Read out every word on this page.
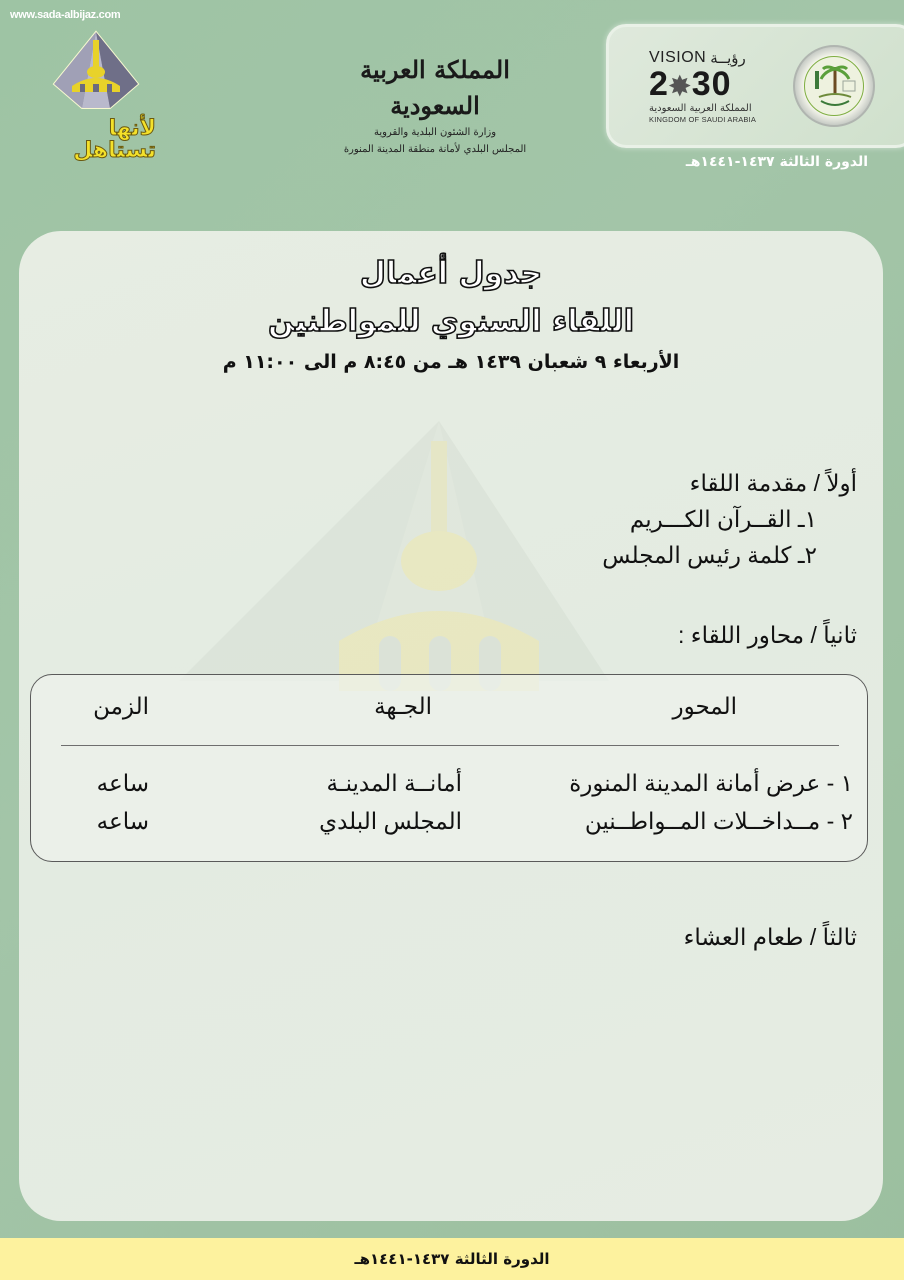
www.sada-albijaz.com
لأنها
تستاهل
المملكة العربية السعودية
وزارة الشئون البلدية والقروية
المجلس البلدي لأمانة منطقة المدينة المنورة
VISION رؤيــة
2✸30
المملكة العربية السعودية
KINGDOM OF SAUDI ARABIA
الدورة الثالثة ١٤٣٧-١٤٤١هـ
جدول أعمال
اللقاء السنوي للمواطنين
الأربعاء ٩ شعبان ١٤٣٩ هـ من ٨:٤٥ م الى ١١:٠٠ م
أولاً / مقدمة اللقاء
١ـ القــرآن الكـــريم
٢ـ كلمة رئيس المجلس
ثانياً / محاور اللقاء :
المحور
الجـهة
الزمن
١ - عرض أمانة المدينة المنورة
أمانــة المدينـة
ساعه
٢ - مــداخــلات المــواطــنين
المجلس البلدي
ساعه
ثالثاً / طعام العشاء
الدورة الثالثة ١٤٣٧-١٤٤١هـ
